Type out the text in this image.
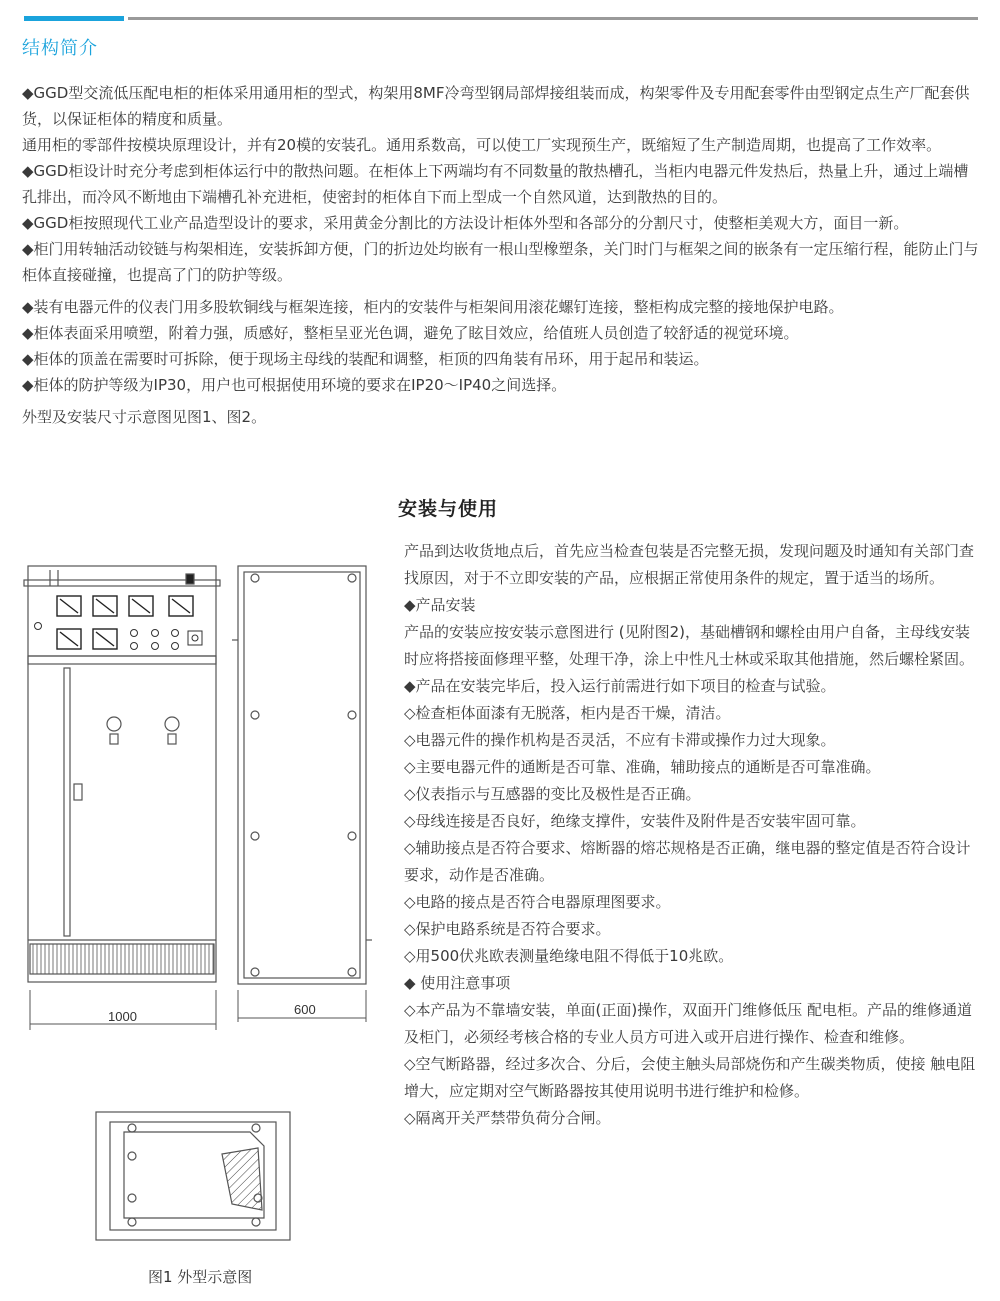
结构简介

◆GGD型交流低压配电柜的柜体采用通用柜的型式，构架用8MF冷弯型钢局部焊接组装而成，构架零件及专用配套零件由型钢定点生产厂配套供货，以保证柜体的精度和质量。

通用柜的零部件按模块原理设计，并有20模的安装孔。通用系数高，可以使工厂实现预生产，既缩短了生产制造周期，也提高了工作效率。

◆GGD柜设计时充分考虑到柜体运行中的散热问题。在柜体上下两端均有不同数量的散热槽孔，当柜内电器元件发热后，热量上升，通过上端槽孔排出，而冷风不断地由下端槽孔补充进柜，使密封的柜体自下而上型成一个自然风道，达到散热的目的。

◆GGD柜按照现代工业产品造型设计的要求，采用黄金分割比的方法设计柜体外型和各部分的分割尺寸，使整柜美观大方，面目一新。

◆柜门用转轴活动铰链与构架相连，安装拆卸方便，门的折边处均嵌有一根山型橡塑条，关门时门与框架之间的嵌条有一定压缩行程，能防止门与柜体直接碰撞，也提高了门的防护等级。

◆装有电器元件的仪表门用多股软铜线与框架连接，柜内的安装件与柜架间用滚花螺钉连接，整柜构成完整的接地保护电路。

◆柜体表面采用喷塑，附着力强，质感好，整柜呈亚光色调，避免了眩目效应，给值班人员创造了较舒适的视觉环境。

◆柜体的顶盖在需要时可拆除，便于现场主母线的装配和调整，柜顶的四角装有吊环，用于起吊和装运。

◆柜体的防护等级为IP30，用户也可根据使用环境的要求在IP20～IP40之间选择。

外型及安装尺寸示意图见图1、图2。

安装与使用

产品到达收货地点后，首先应当检查包装是否完整无损，发现问题及时通知有关部门查找原因，对于不立即安装的产品，应根据正常使用条件的规定，置于适当的场所。

◆产品安装

产品的安装应按安装示意图进行 (见附图2)，基础槽钢和螺栓由用户自备，主母线安装时应将搭接面修理平整，处理干净，涂上中性凡士林或采取其他措施，然后螺栓紧固。

◆产品在安装完毕后，投入运行前需进行如下项目的检查与试验。

◇检查柜体面漆有无脱落，柜内是否干燥，清洁。

◇电器元件的操作机构是否灵活，不应有卡滞或操作力过大现象。

◇主要电器元件的通断是否可靠、准确，辅助接点的通断是否可靠准确。

◇仪表指示与互感器的变比及极性是否正确。

◇母线连接是否良好，绝缘支撑件，安装件及附件是否安装牢固可靠。

◇辅助接点是否符合要求、熔断器的熔芯规格是否正确，继电器的整定值是否符合设计要求，动作是否准确。

◇电路的接点是否符合电器原理图要求。

◇保护电路系统是否符合要求。

◇用500伏兆欧表测量绝缘电阻不得低于10兆欧。

◆ 使用注意事项

◇本产品为不靠墙安装，单面(正面)操作，双面开门维修低压 配电柜。产品的维修通道及柜门，必须经考核合格的专业人员方可进入或开启进行操作、检查和维修。

◇空气断路器，经过多次合、分后，会使主触头局部烧伤和产生碳类物质，使接 触电阻增大，应定期对空气断路器按其使用说明书进行维护和检修。

◇隔离开关严禁带负荷分合闸。

1000	600
图1 外型示意图
